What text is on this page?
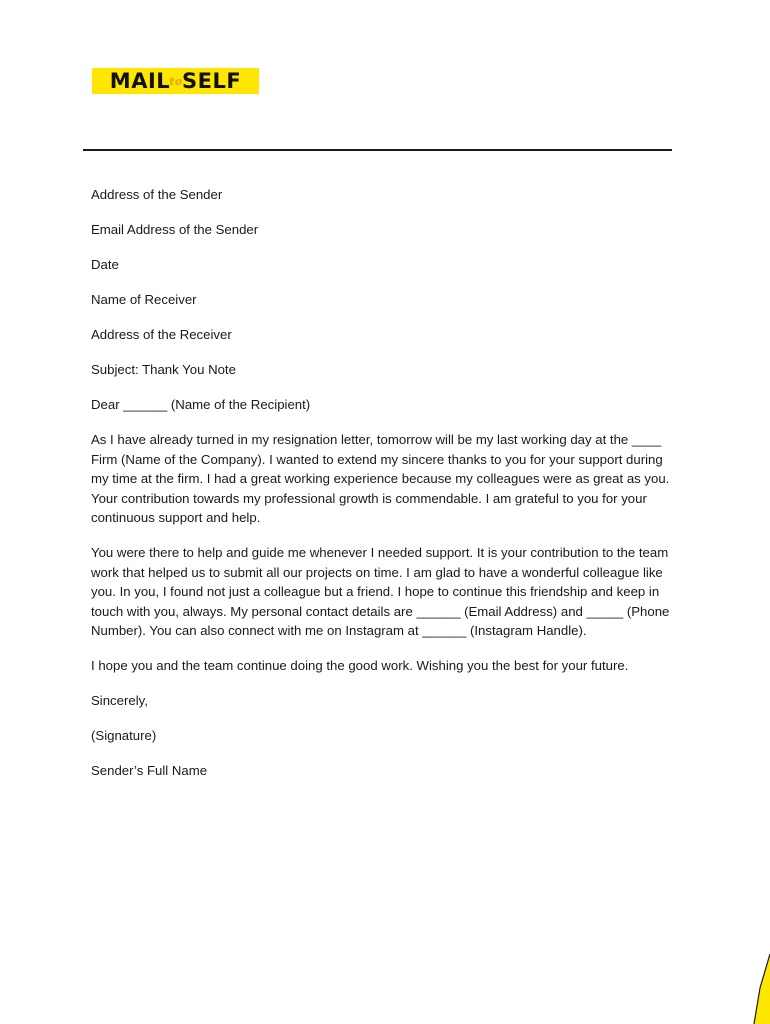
MAILtoSELF

Address of the Sender

Email Address of the Sender

Date

Name of Receiver

Address of the Receiver

Subject: Thank You Note

Dear ______ (Name of the Recipient)

As I have already turned in my resignation letter, tomorrow will be my last working day at the ____ Firm (Name of the Company). I wanted to extend my sincere thanks to you for your support during my time at the firm. I had a great working experience because my colleagues were as great as you. Your contribution towards my professional growth is commendable. I am grateful to you for your continuous support and help.

You were there to help and guide me whenever I needed support. It is your contribution to the team work that helped us to submit all our projects on time. I am glad to have a wonderful colleague like you. In you, I found not just a colleague but a friend. I hope to continue this friendship and keep in touch with you, always. My personal contact details are ______ (Email Address) and _____ (Phone Number). You can also connect with me on Instagram at ______ (Instagram Handle).

I hope you and the team continue doing the good work. Wishing you the best for your future.

Sincerely,

(Signature)

Sender’s Full Name
